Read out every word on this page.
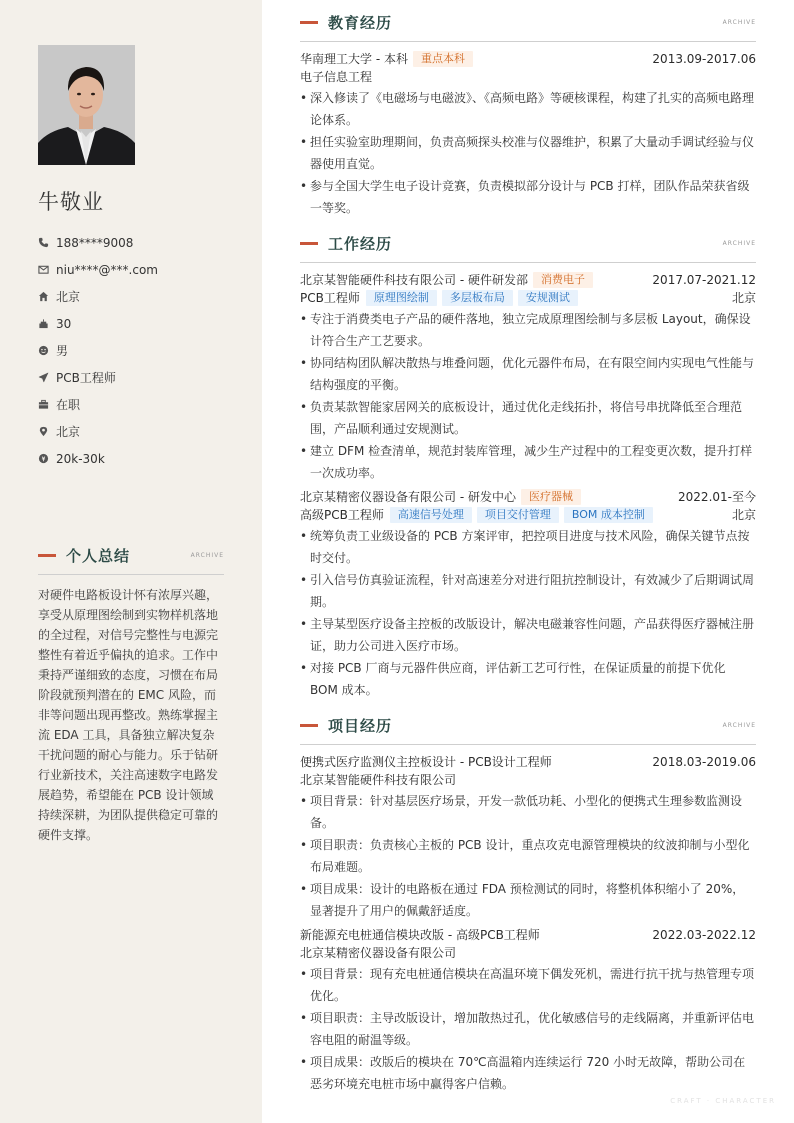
牛敬业
188****9008
niu****@***.com
北京
30
男
PCB工程师
在职
北京
20k-30k
个人总结	ARCHIVE

对硬件电路板设计怀有浓厚兴趣，享受从原理图绘制到实物样机落地的全过程，对信号完整性与电源完整性有着近乎偏执的追求。工作中秉持严谨细致的态度，习惯在布局阶段就预判潜在的 EMC 风险，而非等问题出现再整改。熟练掌握主流 EDA 工具，具备独立解决复杂干扰问题的耐心与能力。乐于钻研行业新技术，关注高速数字电路发展趋势，希望能在 PCB 设计领域持续深耕，为团队提供稳定可靠的硬件支撑。

教育经历	ARCHIVE
华南理工大学 - 本科	重点本科	2013.09-2017.06
电子信息工程
• 深入修读了《电磁场与电磁波》、《高频电路》等硬核课程，构建了扎实的高频电路理论体系。
• 担任实验室助理期间，负责高频探头校准与仪器维护，积累了大量动手调试经验与仪器使用直觉。
• 参与全国大学生电子设计竞赛，负责模拟部分设计与 PCB 打样，团队作品荣获省级一等奖。
工作经历	ARCHIVE
北京某智能硬件科技有限公司 - 硬件研发部	消费电子	2017.07-2021.12
PCB工程师	原理图绘制	多层板布局	安规测试	北京
• 专注于消费类电子产品的硬件落地，独立完成原理图绘制与多层板 Layout，确保设计符合生产工艺要求。
• 协同结构团队解决散热与堆叠问题，优化元器件布局，在有限空间内实现电气性能与结构强度的平衡。
• 负责某款智能家居网关的底板设计，通过优化走线拓扑，将信号串扰降低至合理范围，产品顺利通过安规测试。
• 建立 DFM 检查清单，规范封装库管理，减少生产过程中的工程变更次数，提升打样一次成功率。
北京某精密仪器设备有限公司 - 研发中心	医疗器械	2022.01-至今
高级PCB工程师	高速信号处理	项目交付管理	BOM 成本控制	北京
• 统筹负责工业级设备的 PCB 方案评审，把控项目进度与技术风险，确保关键节点按时交付。
• 引入信号仿真验证流程，针对高速差分对进行阻抗控制设计，有效减少了后期调试周期。
• 主导某型医疗设备主控板的改版设计，解决电磁兼容性问题，产品获得医疗器械注册证，助力公司进入医疗市场。
• 对接 PCB 厂商与元器件供应商，评估新工艺可行性，在保证质量的前提下优化 BOM 成本。
项目经历	ARCHIVE
便携式医疗监测仪主控板设计 - PCB设计工程师	2018.03-2019.06
北京某智能硬件科技有限公司
• 项目背景：针对基层医疗场景，开发一款低功耗、小型化的便携式生理参数监测设备。
• 项目职责：负责核心主板的 PCB 设计，重点攻克电源管理模块的纹波抑制与小型化布局难题。
• 项目成果：设计的电路板在通过 FDA 预检测试的同时，将整机体积缩小了 20%，显著提升了用户的佩戴舒适度。
新能源充电桩通信模块改版 - 高级PCB工程师	2022.03-2022.12
北京某精密仪器设备有限公司
• 项目背景：现有充电桩通信模块在高温环境下偶发死机，需进行抗干扰与热管理专项优化。
• 项目职责：主导改版设计，增加散热过孔，优化敏感信号的走线隔离，并重新评估电容电阻的耐温等级。
• 项目成果：改版后的模块在 70℃高温箱内连续运行 720 小时无故障，帮助公司在恶劣环境充电桩市场中赢得客户信赖。
CRAFT · CHARACTER
